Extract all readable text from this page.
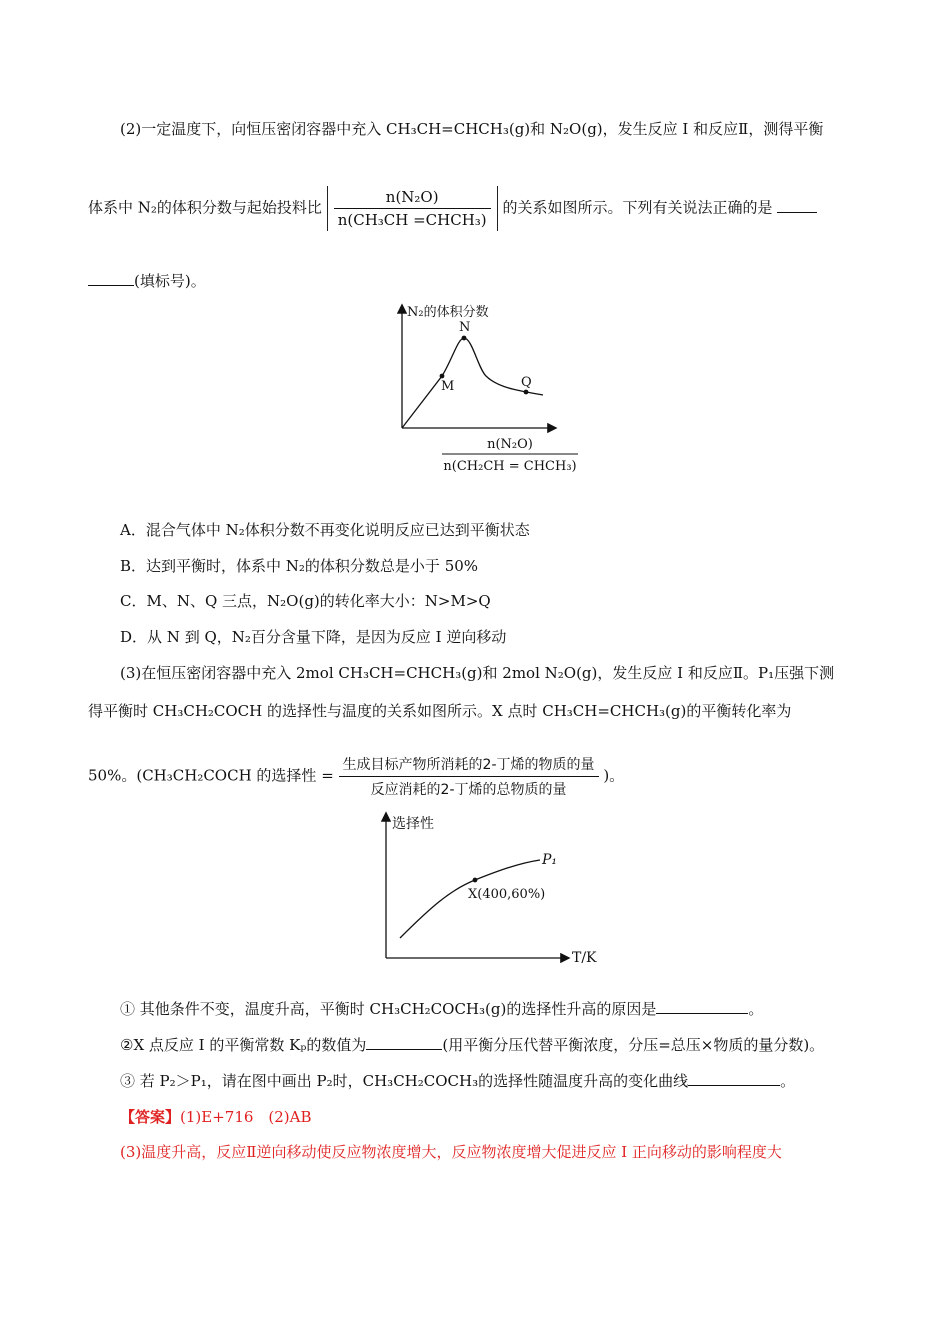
(2)一定温度下，向恒压密闭容器中充入 CH₃CH=CHCH₃(g)和 N₂O(g)，发生反应 I 和反应Ⅱ，测得平衡
体系中 N₂的体积分数与起始投料比 $\frac{\text{n(N₂O)}}{\text{n(CH₃CH =CHCH₃)}}$ 的关系如图所示。下列有关说法正确的是
(填标号)。
N₂的体积分数
N
M	Q
n(N₂O)
n(CH₂CH = CHCH₃)
A．混合气体中 N₂体积分数不再变化说明反应已达到平衡状态
B．达到平衡时，体系中 N₂的体积分数总是小于 50%
C．M、N、Q 三点，N₂O(g)的转化率大小：N>M>Q
D．从 N 到 Q，N₂百分含量下降，是因为反应 I 逆向移动
(3)在恒压密闭容器中充入 2mol CH₃CH=CHCH₃(g)和 2mol N₂O(g)，发生反应 I 和反应Ⅱ。P₁压强下测
得平衡时 CH₃CH₂COCH 的选择性与温度的关系如图所示。X 点时 CH₃CH=CHCH₃(g)的平衡转化率为
50%。(CH₃CH₂COCH 的选择性 = $\frac{\text{生成目标产物所消耗的2-丁烯的物质的量}}{\text{反应消耗的2-丁烯的总物质的量}}$ )。
选择性
P₁
X(400,60%)
T/K
① 其他条件不变，温度升高，平衡时 CH₃CH₂COCH₃(g)的选择性升高的原因是	。
②X 点反应 I 的平衡常数 Kₚ的数值为	(用平衡分压代替平衡浓度，分压=总压×物质的量分数)。
③ 若 P₂＞P₁，请在图中画出 P₂时，CH₃CH₂COCH₃的选择性随温度升高的变化曲线	。
【答案】(1)E+716　(2)AB
(3)温度升高，反应Ⅱ逆向移动使反应物浓度增大，反应物浓度增大促进反应 I 正向移动的影响程度大
